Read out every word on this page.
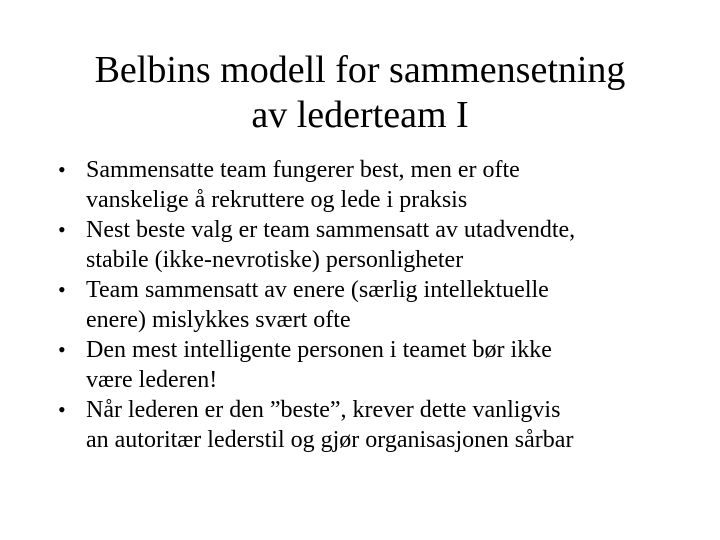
Belbins modell for sammensetning
av lederteam I
• Sammensatte team fungerer best, men er ofte
vanskelige å rekruttere og lede i praksis
• Nest beste valg er team sammensatt av utadvendte,
stabile (ikke-nevrotiske) personligheter
• Team sammensatt av enere (særlig intellektuelle
enere) mislykkes svært ofte
• Den mest intelligente personen i teamet bør ikke
være lederen!
• Når lederen er den ”beste”, krever dette vanligvis
an autoritær lederstil og gjør organisasjonen sårbar
